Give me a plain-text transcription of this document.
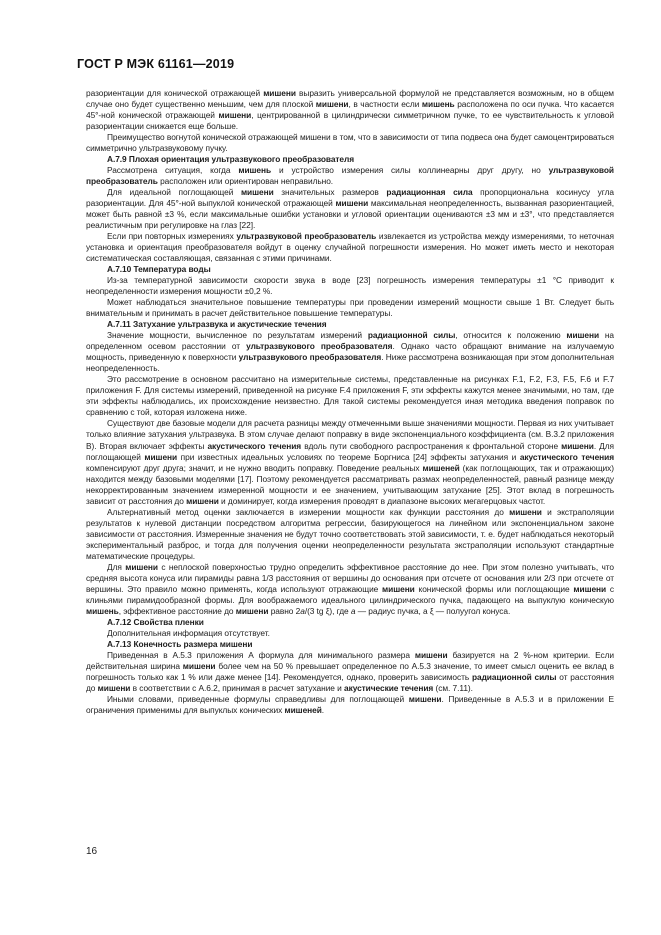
ГОСТ Р МЭК 61161—2019

разориентации для конической отражающей мишени выразить универсальной формулой не представляется возможным, но в общем случае оно будет существенно меньшим, чем для плоской мишени, в частности если мишень расположена по оси пучка. Что касается 45°-ной конической отражающей мишени, центрированной в цилиндрически симметричном пучке, то ее чувствительность к угловой разориентации снижается еще больше.

Преимущество вогнутой конической отражающей мишени в том, что в зависимости от типа подвеса она будет самоцентрироваться симметрично ультразвуковому пучку.

А.7.9 Плохая ориентация ультразвукового преобразователя

Рассмотрена ситуация, когда мишень и устройство измерения силы коллинеарны друг другу, но ультразвуковой преобразователь расположен или ориентирован неправильно.

Для идеальной поглощающей мишени значительных размеров радиационная сила пропорциональна косинусу угла разориентации. Для 45°-ной выпуклой конической отражающей мишени максимальная неопределенность, вызванная разориентацией, может быть равной ±3 %, если максимальные ошибки установки и угловой ориентации оцениваются ±3 мм и ±3°, что представляется реалистичным при регулировке на глаз [22].

Если при повторных измерениях ультразвуковой преобразователь извлекается из устройства между измерениями, то неточная установка и ориентация преобразователя войдут в оценку случайной погрешности измерения. Но может иметь место и некоторая систематическая составляющая, связанная с этими причинами.

А.7.10 Температура воды

Из-за температурной зависимости скорости звука в воде [23] погрешность измерения температуры ±1 °С приводит к неопределенности измерения мощности ±0,2 %.

Может наблюдаться значительное повышение температуры при проведении измерений мощности свыше 1 Вт. Следует быть внимательным и принимать в расчет действительное повышение температуры.

А.7.11 Затухание ультразвука и акустические течения

Значение мощности, вычисленное по результатам измерений радиационной силы, относится к положению мишени на определенном осевом расстоянии от ультразвукового преобразователя. Однако часто обращают внимание на излучаемую мощность, приведенную к поверхности ультразвукового преобразователя. Ниже рассмотрена возникающая при этом дополнительная неопределенность.

Это рассмотрение в основном рассчитано на измерительные системы, представленные на рисунках F.1, F.2, F.3, F.5, F.6 и F.7 приложения F. Для системы измерений, приведенной на рисунке F.4 приложения F, эти эффекты кажутся менее значимыми, но там, где эти эффекты наблюдались, их происхождение неизвестно. Для такой системы рекомендуется иная методика введения поправок по сравнению с той, которая изложена ниже.

Существуют две базовые модели для расчета разницы между отмеченными выше значениями мощности. Первая из них учитывает только влияние затухания ультразвука. В этом случае делают поправку в виде экспоненциального коэффициента (см. В.3.2 приложения В). Вторая включает эффекты акустического течения вдоль пути свободного распространения к фронтальной стороне мишени. Для поглощающей мишени при известных идеальных условиях по теореме Боргнисa [24] эффекты затухания и акустического течения компенсируют друг друга; значит, и не нужно вводить поправку. Поведение реальных мишеней (как поглощающих, так и отражающих) находится между базовыми моделями [17]. Поэтому рекомендуется рассматривать размах неопределенностей, равный разнице между некорректированным значением измеренной мощности и ее значением, учитывающим затухание [25]. Этот вклад в погрешность зависит от расстояния до мишени и доминирует, когда измерения проводят в диапазоне высоких мегагерцовых частот.

Альтернативный метод оценки заключается в измерении мощности как функции расстояния до мишени и экстраполяции результатов к нулевой дистанции посредством алгоритма регрессии, базирующегося на линейном или экспоненциальном законе зависимости от расстояния. Измеренные значения не будут точно соответствовать этой зависимости, т. е. будет наблюдаться некоторый экспериментальный разброс, и тогда для получения оценки неопределенности результата экстраполяции используют стандартные математические процедуры.

Для мишени с неплоской поверхностью трудно определить эффективное расстояние до нее. При этом полезно учитывать, что средняя высота конуса или пирамиды равна 1/3 расстояния от вершины до основания при отсчете от основания или 2/3 при отсчете от вершины. Это правило можно применять, когда используют отражающие мишени конической формы или поглощающие мишени с клиньями пирамидообразной формы. Для воображаемого идеального цилиндрического пучка, падающего на выпуклую коническую мишень, эффективное расстояние до мишени равно 2a/(3 tg ξ), где a — радиус пучка, а ξ — полуугол конуса.

А.7.12 Свойства пленки

Дополнительная информация отсутствует.

А.7.13 Конечность размера мишени

Приведенная в А.5.3 приложения А формула для минимального размера мишени базируется на 2 %-ном критерии. Если действительная ширина мишени более чем на 50 % превышает определенное по А.5.3 значение, то имеет смысл оценить ее вклад в погрешность только как 1 % или даже менее [14]. Рекомендуется, однако, проверить зависимость радиационной силы от расстояния до мишени в соответствии с А.6.2, принимая в расчет затухание и акустические течения (см. 7.11).

Иными словами, приведенные формулы справедливы для поглощающей мишени. Приведенные в А.5.3 и в приложении Е ограничения применимы для выпуклых конических мишеней.

16
